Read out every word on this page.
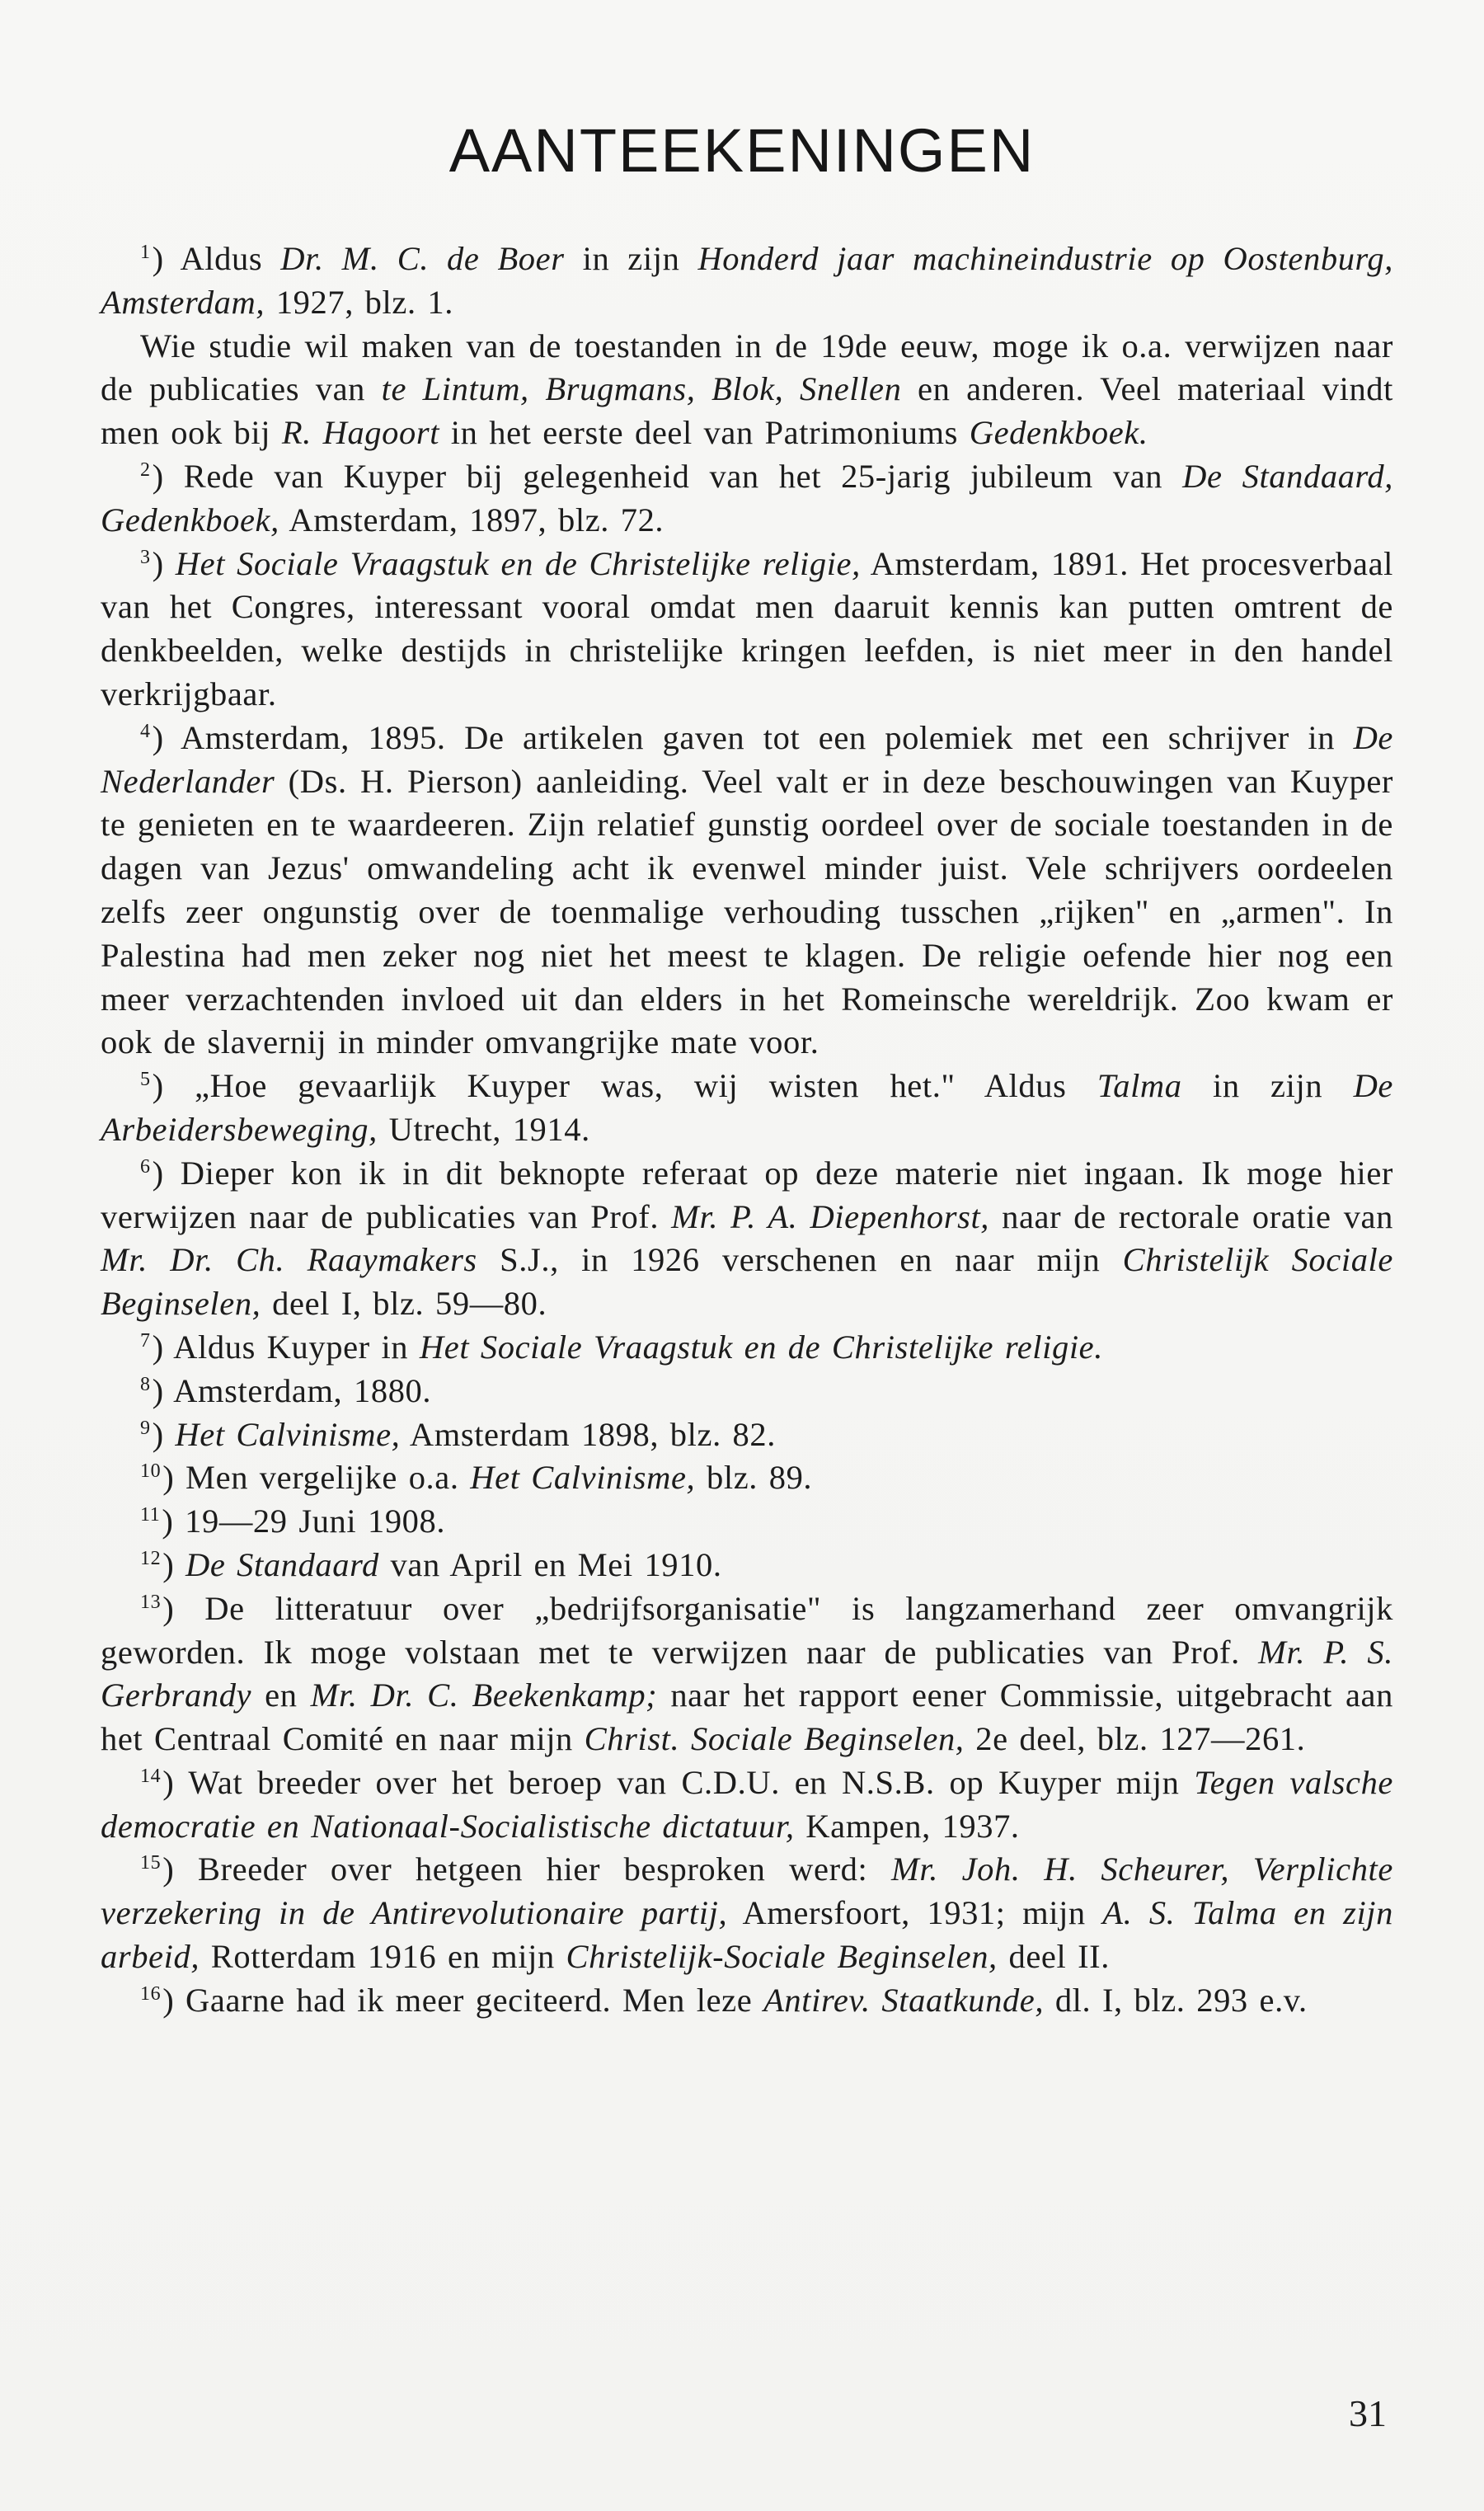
AANTEEKENINGEN

$^1$) Aldus Dr. M. C. de Boer in zijn Honderd jaar machineindustrie op Oostenburg, Amsterdam, 1927, blz. 1.

Wie studie wil maken van de toestanden in de 19de eeuw, moge ik o.a. verwijzen naar de publicaties van te Lintum, Brugmans, Blok, Snellen en anderen. Veel materiaal vindt men ook bij R. Hagoort in het eerste deel van Patrimoniums Gedenkboek.

$^2$) Rede van Kuyper bij gelegenheid van het 25-jarig jubileum van De Standaard, Gedenkboek, Amsterdam, 1897, blz. 72.

$^3$) Het Sociale Vraagstuk en de Christelijke religie, Amsterdam, 1891. Het procesverbaal van het Congres, interessant vooral omdat men daaruit kennis kan putten omtrent de denkbeelden, welke destijds in christelijke kringen leefden, is niet meer in den handel verkrijgbaar.

$^4$) Amsterdam, 1895. De artikelen gaven tot een polemiek met een schrijver in De Nederlander (Ds. H. Pierson) aanleiding. Veel valt er in deze beschouwingen van Kuyper te genieten en te waardeeren. Zijn relatief gunstig oordeel over de sociale toestanden in de dagen van Jezus' omwandeling acht ik evenwel minder juist. Vele schrijvers oordeelen zelfs zeer ongunstig over de toenmalige verhouding tusschen „rijken" en „armen". In Palestina had men zeker nog niet het meest te klagen. De religie oefende hier nog een meer verzachtenden invloed uit dan elders in het Romeinsche wereldrijk. Zoo kwam er ook de slavernij in minder omvangrijke mate voor.

$^5$) „Hoe gevaarlijk Kuyper was, wij wisten het." Aldus Talma in zijn De Arbeidersbeweging, Utrecht, 1914.

$^6$) Dieper kon ik in dit beknopte referaat op deze materie niet ingaan. Ik moge hier verwijzen naar de publicaties van Prof. Mr. P. A. Diepenhorst, naar de rectorale oratie van Mr. Dr. Ch. Raaymakers S.J., in 1926 verschenen en naar mijn Christelijk Sociale Beginselen, deel I, blz. 59—80.

$^7$) Aldus Kuyper in Het Sociale Vraagstuk en de Christelijke religie.

$^8$) Amsterdam, 1880.

$^9$) Het Calvinisme, Amsterdam 1898, blz. 82.

$^{10}$) Men vergelijke o.a. Het Calvinisme, blz. 89.

$^{11}$) 19—29 Juni 1908.

$^{12}$) De Standaard van April en Mei 1910.

$^{13}$) De litteratuur over „bedrijfsorganisatie" is langzamerhand zeer omvangrijk geworden. Ik moge volstaan met te verwijzen naar de publicaties van Prof. Mr. P. S. Gerbrandy en Mr. Dr. C. Beekenkamp; naar het rapport eener Commissie, uitgebracht aan het Centraal Comité en naar mijn Christ. Sociale Beginselen, 2e deel, blz. 127—261.

$^{14}$) Wat breeder over het beroep van C.D.U. en N.S.B. op Kuyper mijn Tegen valsche democratie en Nationaal-Socialistische dictatuur, Kampen, 1937.

$^{15}$) Breeder over hetgeen hier besproken werd: Mr. Joh. H. Scheurer, Verplichte verzekering in de Antirevolutionaire partij, Amersfoort, 1931; mijn A. S. Talma en zijn arbeid, Rotterdam 1916 en mijn Christelijk-Sociale Beginselen, deel II.

$^{16}$) Gaarne had ik meer geciteerd. Men leze Antirev. Staatkunde, dl. I, blz. 293 e.v.

31
